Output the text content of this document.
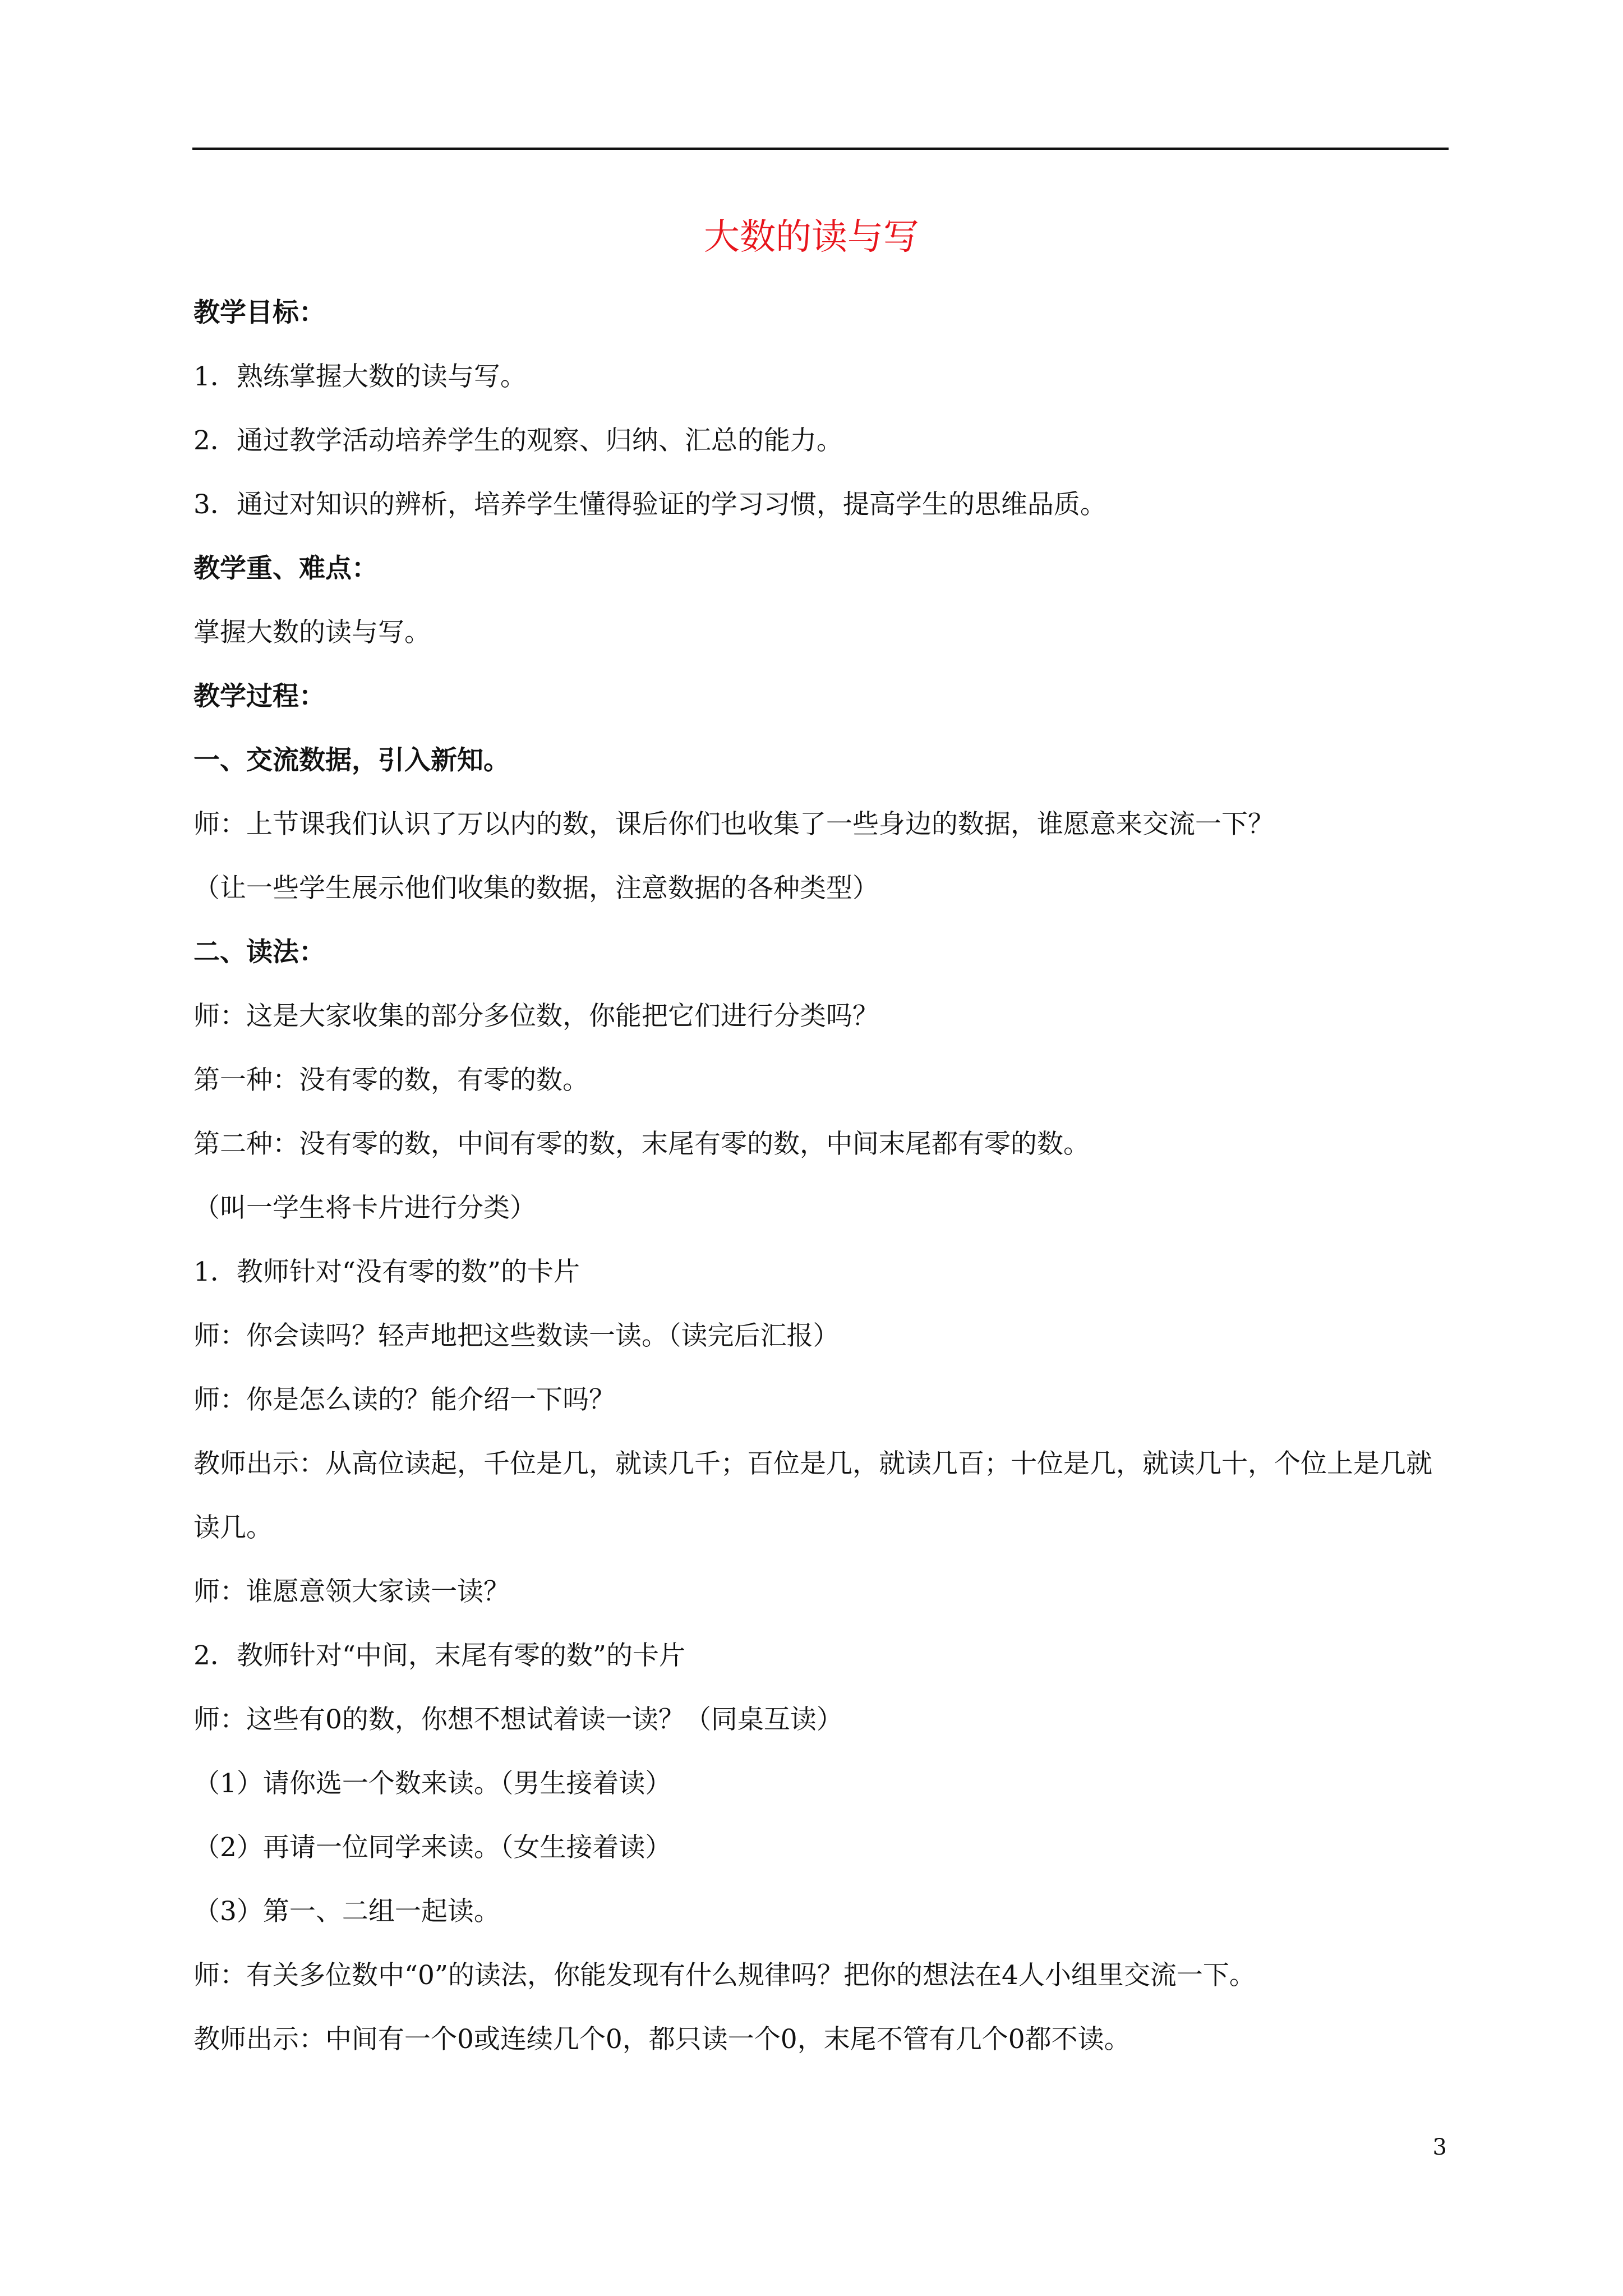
大数的读与写

教学目标：

1．熟练掌握大数的读与写。

2．通过教学活动培养学生的观察、归纳、汇总的能力。

3．通过对知识的辨析，培养学生懂得验证的学习习惯，提高学生的思维品质。

教学重、难点：

掌握大数的读与写。

教学过程：

一、交流数据，引入新知。

师：上节课我们认识了万以内的数，课后你们也收集了一些身边的数据，谁愿意来交流一下？

（让一些学生展示他们收集的数据，注意数据的各种类型）

二、读法：

师：这是大家收集的部分多位数，你能把它们进行分类吗？

第一种：没有零的数，有零的数。

第二种：没有零的数，中间有零的数，末尾有零的数，中间末尾都有零的数。

（叫一学生将卡片进行分类）

1．教师针对“没有零的数”的卡片

师：你会读吗？轻声地把这些数读一读。（读完后汇报）

师：你是怎么读的？能介绍一下吗？

教师出示：从高位读起，千位是几，就读几千；百位是几，就读几百；十位是几，就读几十，个位上是几就读几。

师：谁愿意领大家读一读？

2．教师针对“中间，末尾有零的数”的卡片

师：这些有0的数，你想不想试着读一读？（同桌互读）

（1）请你选一个数来读。（男生接着读）

（2）再请一位同学来读。（女生接着读）

（3）第一、二组一起读。

师：有关多位数中“0”的读法，你能发现有什么规律吗？把你的想法在4人小组里交流一下。

教师出示：中间有一个0或连续几个0，都只读一个0，末尾不管有几个0都不读。

3
